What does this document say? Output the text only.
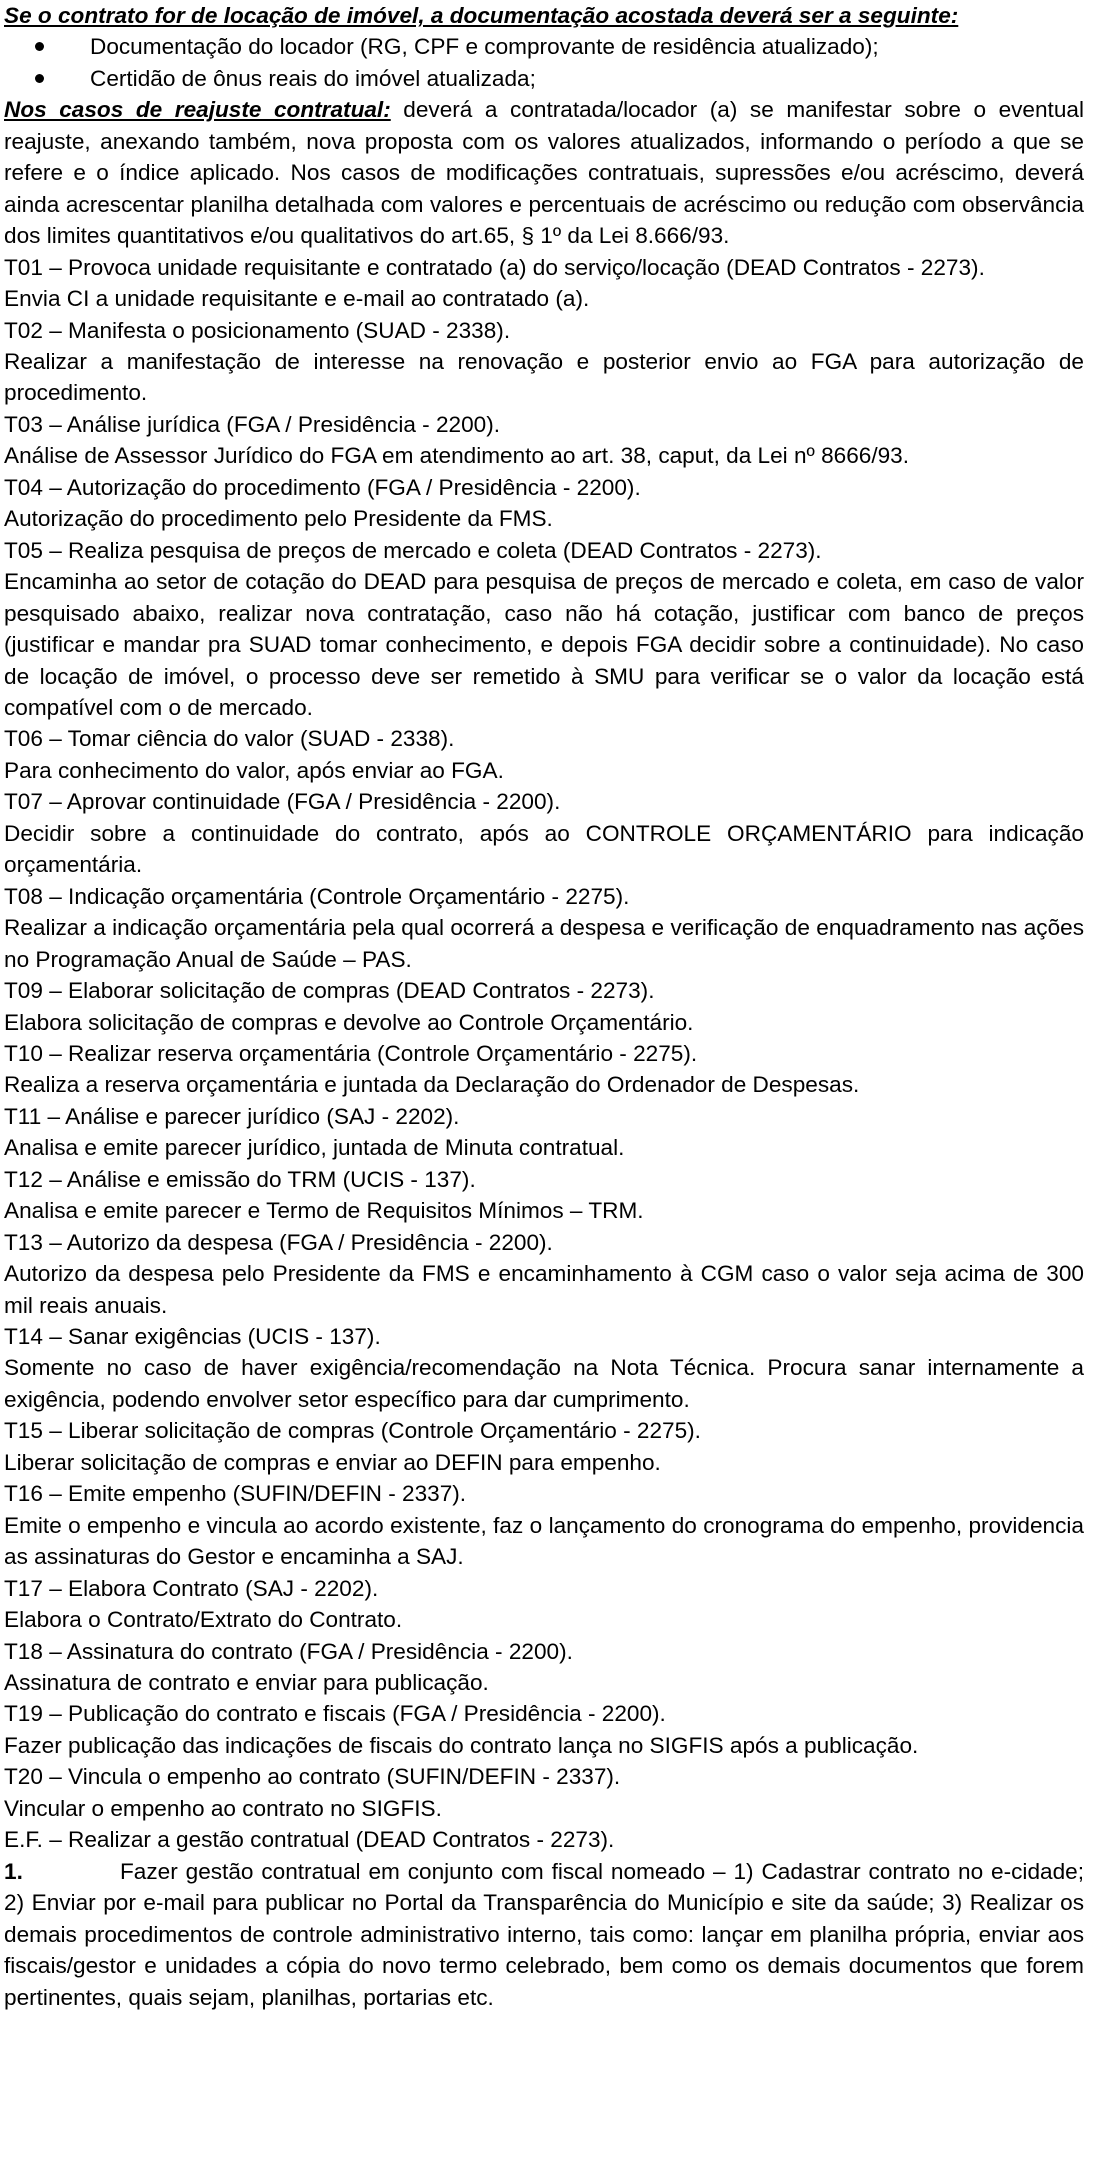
Se o contrato for de locação de imóvel, a documentação acostada deverá ser a seguinte:

Documentação do locador (RG, CPF e comprovante de residência atualizado);
Certidão de ônus reais do imóvel atualizada;

Nos casos de reajuste contratual: deverá a contratada/locador (a) se manifestar sobre o eventual reajuste, anexando também, nova proposta com os valores atualizados, informando o período a que se refere e o índice aplicado. Nos casos de modificações contratuais, supressões e/ou acréscimo, deverá ainda acrescentar planilha detalhada com valores e percentuais de acréscimo ou redução com observância dos limites quantitativos e/ou qualitativos do art.65, § 1º da Lei 8.666/93.

T01 – Provoca unidade requisitante e contratado (a) do serviço/locação (DEAD Contratos - 2273).

Envia CI a unidade requisitante e e-mail ao contratado (a).

T02 – Manifesta o posicionamento (SUAD - 2338).

Realizar a manifestação de interesse na renovação e posterior envio ao FGA para autorização de procedimento.

T03 – Análise jurídica (FGA / Presidência - 2200).

Análise de Assessor Jurídico do FGA em atendimento ao art. 38, caput, da Lei nº 8666/93.

T04 – Autorização do procedimento (FGA / Presidência - 2200).

Autorização do procedimento pelo Presidente da FMS.

T05 – Realiza pesquisa de preços de mercado e coleta (DEAD Contratos - 2273).

Encaminha ao setor de cotação do DEAD para pesquisa de preços de mercado e coleta, em caso de valor pesquisado abaixo, realizar nova contratação, caso não há cotação, justificar com banco de preços (justificar e mandar pra SUAD tomar conhecimento, e depois FGA decidir sobre a continuidade). No caso de locação de imóvel, o processo deve ser remetido à SMU para verificar se o valor da locação está compatível com o de mercado.

T06 – Tomar ciência do valor (SUAD - 2338).

Para conhecimento do valor, após enviar ao FGA.

T07 – Aprovar continuidade (FGA / Presidência - 2200).

Decidir sobre a continuidade do contrato, após ao CONTROLE ORÇAMENTÁRIO para indicação orçamentária.

T08 – Indicação orçamentária (Controle Orçamentário - 2275).

Realizar a indicação orçamentária pela qual ocorrerá a despesa e verificação de enquadramento nas ações no Programação Anual de Saúde – PAS.

T09 – Elaborar solicitação de compras (DEAD Contratos - 2273).

Elabora solicitação de compras e devolve ao Controle Orçamentário.

T10 – Realizar reserva orçamentária (Controle Orçamentário - 2275).

Realiza a reserva orçamentária e juntada da Declaração do Ordenador de Despesas.

T11 – Análise e parecer jurídico (SAJ - 2202).

Analisa e emite parecer jurídico, juntada de Minuta contratual.

T12 – Análise e emissão do TRM (UCIS - 137).

Analisa e emite parecer e Termo de Requisitos Mínimos – TRM.

T13 – Autorizo da despesa (FGA / Presidência - 2200).

Autorizo da despesa pelo Presidente da FMS e encaminhamento à CGM caso o valor seja acima de 300 mil reais anuais.

T14 – Sanar exigências (UCIS - 137).

Somente no caso de haver exigência/recomendação na Nota Técnica. Procura sanar internamente a exigência, podendo envolver setor específico para dar cumprimento.

T15 – Liberar solicitação de compras (Controle Orçamentário - 2275).

Liberar solicitação de compras e enviar ao DEFIN para empenho.

T16 – Emite empenho (SUFIN/DEFIN - 2337).

Emite o empenho e vincula ao acordo existente, faz o lançamento do cronograma do empenho, providencia as assinaturas do Gestor e encaminha a SAJ.

T17 – Elabora Contrato (SAJ - 2202).

Elabora o Contrato/Extrato do Contrato.

T18 – Assinatura do contrato (FGA / Presidência - 2200).

Assinatura de contrato e enviar para publicação.

T19 – Publicação do contrato e fiscais (FGA / Presidência - 2200).

Fazer publicação das indicações de fiscais do contrato lança no SIGFIS após a publicação.

T20 – Vincula o empenho ao contrato (SUFIN/DEFIN - 2337).

Vincular o empenho ao contrato no SIGFIS.

E.F. – Realizar a gestão contratual (DEAD Contratos - 2273).

1.	Fazer gestão contratual em conjunto com fiscal nomeado – 1) Cadastrar contrato no e-cidade; 2) Enviar por e-mail para publicar no Portal da Transparência do Município e site da saúde; 3) Realizar os demais procedimentos de controle administrativo interno, tais como: lançar em planilha própria, enviar aos fiscais/gestor e unidades a cópia do novo termo celebrado, bem como os demais documentos que forem pertinentes, quais sejam, planilhas, portarias etc.
